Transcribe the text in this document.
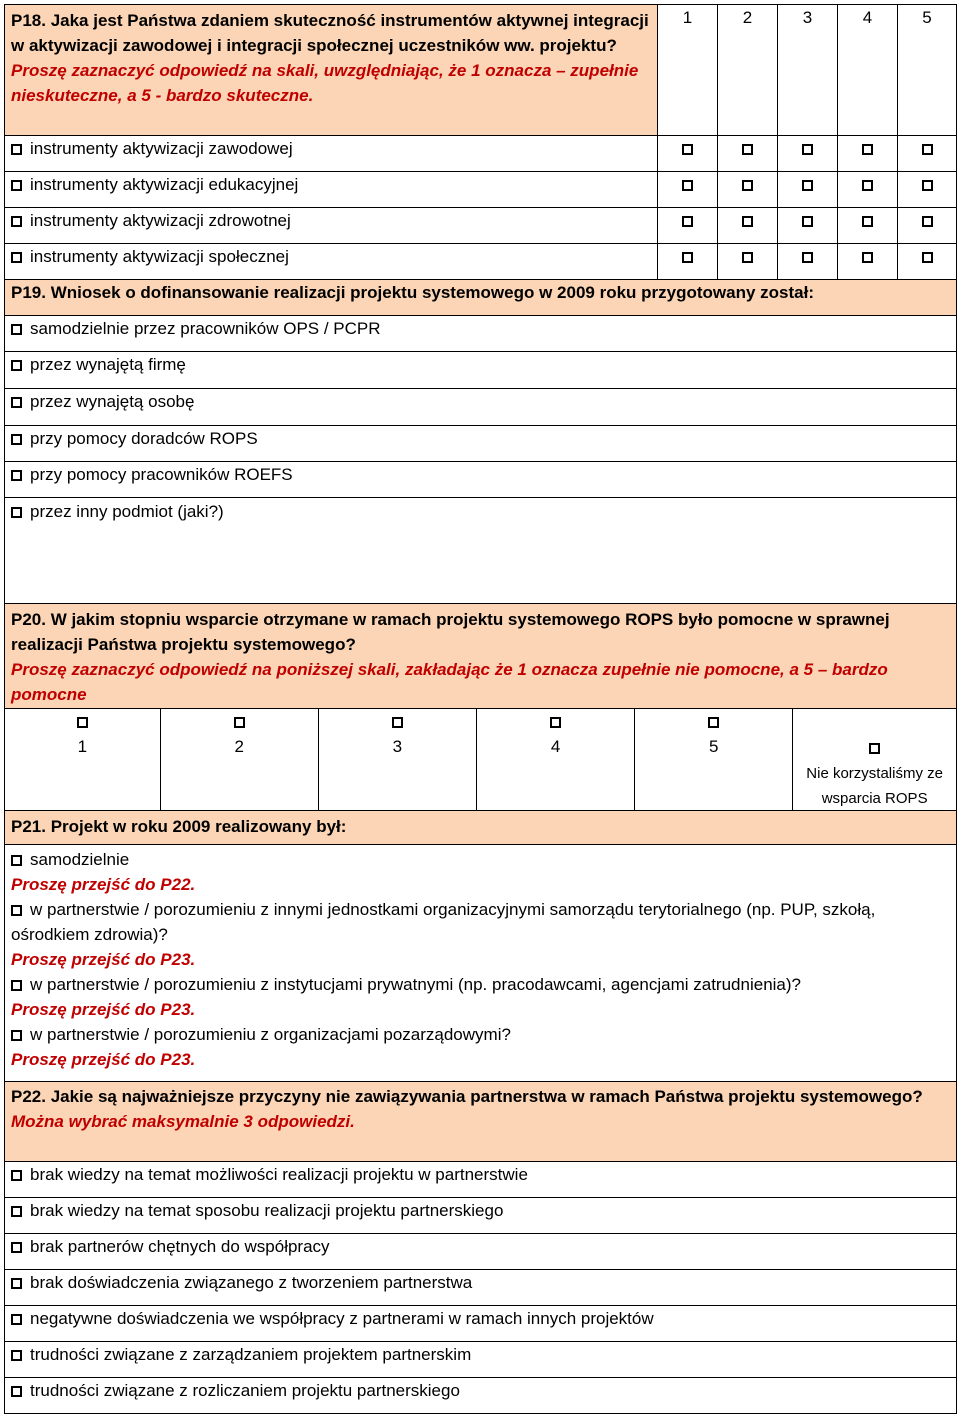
P18. Jaka jest Państwa zdaniem skuteczność instrumentów aktywnej integracji w aktywizacji zawodowej i integracji społecznej uczestników ww. projektu?
Proszę zaznaczyć odpowiedź na skali, uwzględniając, że 1 oznacza – zupełnie nieskuteczne, a 5 - bardzo skuteczne.	1	2	3	4	5
instrumenty aktywizacji zawodowej					
instrumenty aktywizacji edukacyjnej					
instrumenty aktywizacji zdrowotnej					
instrumenty aktywizacji społecznej					
P19. Wniosek o dofinansowanie realizacji projektu systemowego w 2009 roku przygotowany został:
samodzielnie przez pracowników OPS / PCPR
przez wynajętą firmę
przez wynajętą osobę
przy pomocy doradców ROPS
przy pomocy pracowników ROEFS
przez inny podmiot (jaki?)
P20. W jakim stopniu wsparcie otrzymane w ramach projektu systemowego ROPS było pomocne w sprawnej realizacji Państwa projektu systemowego?
Proszę zaznaczyć odpowiedź na poniższej skali, zakładając że 1 oznacza zupełnie nie pomocne, a 5 – bardzo pomocne

1	2	3	4	5	
Nie korzystaliśmy ze wsparcia ROPS

P21. Projekt w roku 2009 realizowany był:

samodzielnie
Proszę przejść do P22.
w partnerstwie / porozumieniu z innymi jednostkami organizacyjnymi samorządu terytorialnego (np. PUP, szkołą, ośrodkiem zdrowia)?
Proszę przejść do P23.
w partnerstwie / porozumieniu z instytucjami prywatnymi (np. pracodawcami, agencjami zatrudnienia)?
Proszę przejść do P23.
w partnerstwie / porozumieniu z organizacjami pozarządowymi?
Proszę przejść do P23.

P22. Jakie są najważniejsze przyczyny nie zawiązywania partnerstwa w ramach Państwa projektu systemowego?
Można wybrać maksymalnie 3 odpowiedzi.
brak wiedzy na temat możliwości realizacji projektu w partnerstwie
brak wiedzy na temat sposobu realizacji projektu partnerskiego
brak partnerów chętnych do współpracy
brak doświadczenia związanego z tworzeniem partnerstwa
negatywne doświadczenia we współpracy z partnerami w ramach innych projektów
trudności związane z zarządzaniem projektem partnerskim
trudności związane z rozliczaniem projektu partnerskiego
